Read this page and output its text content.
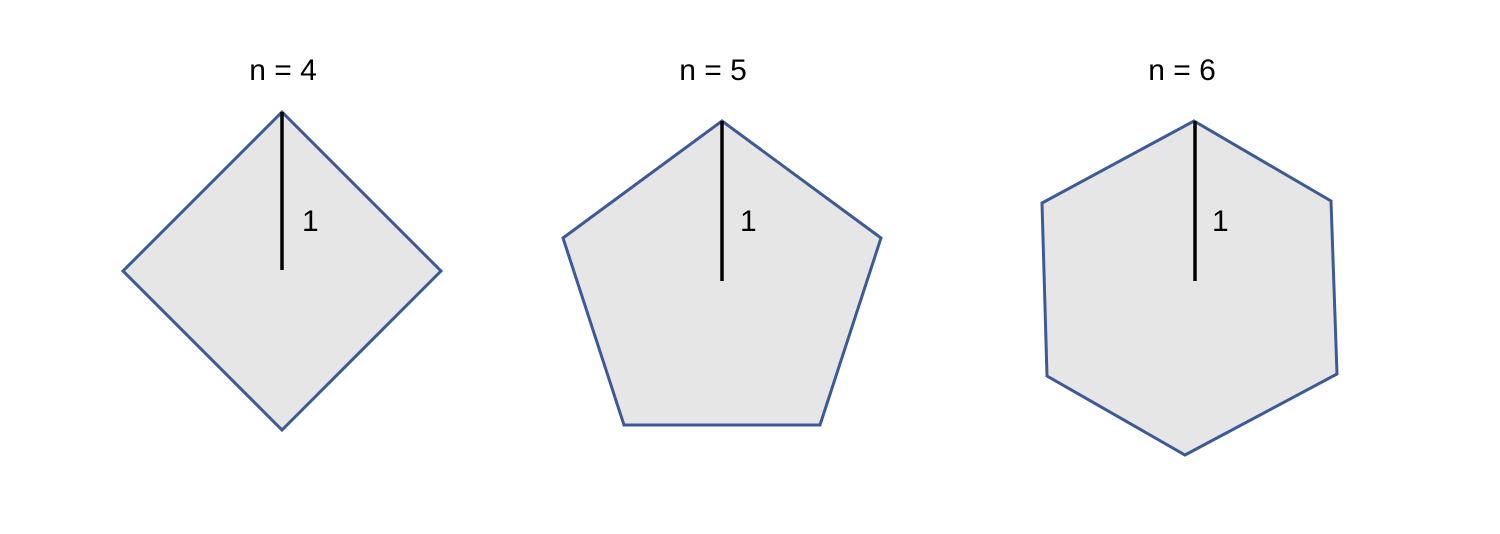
n = 4
1
n = 5
1
n = 6
1
